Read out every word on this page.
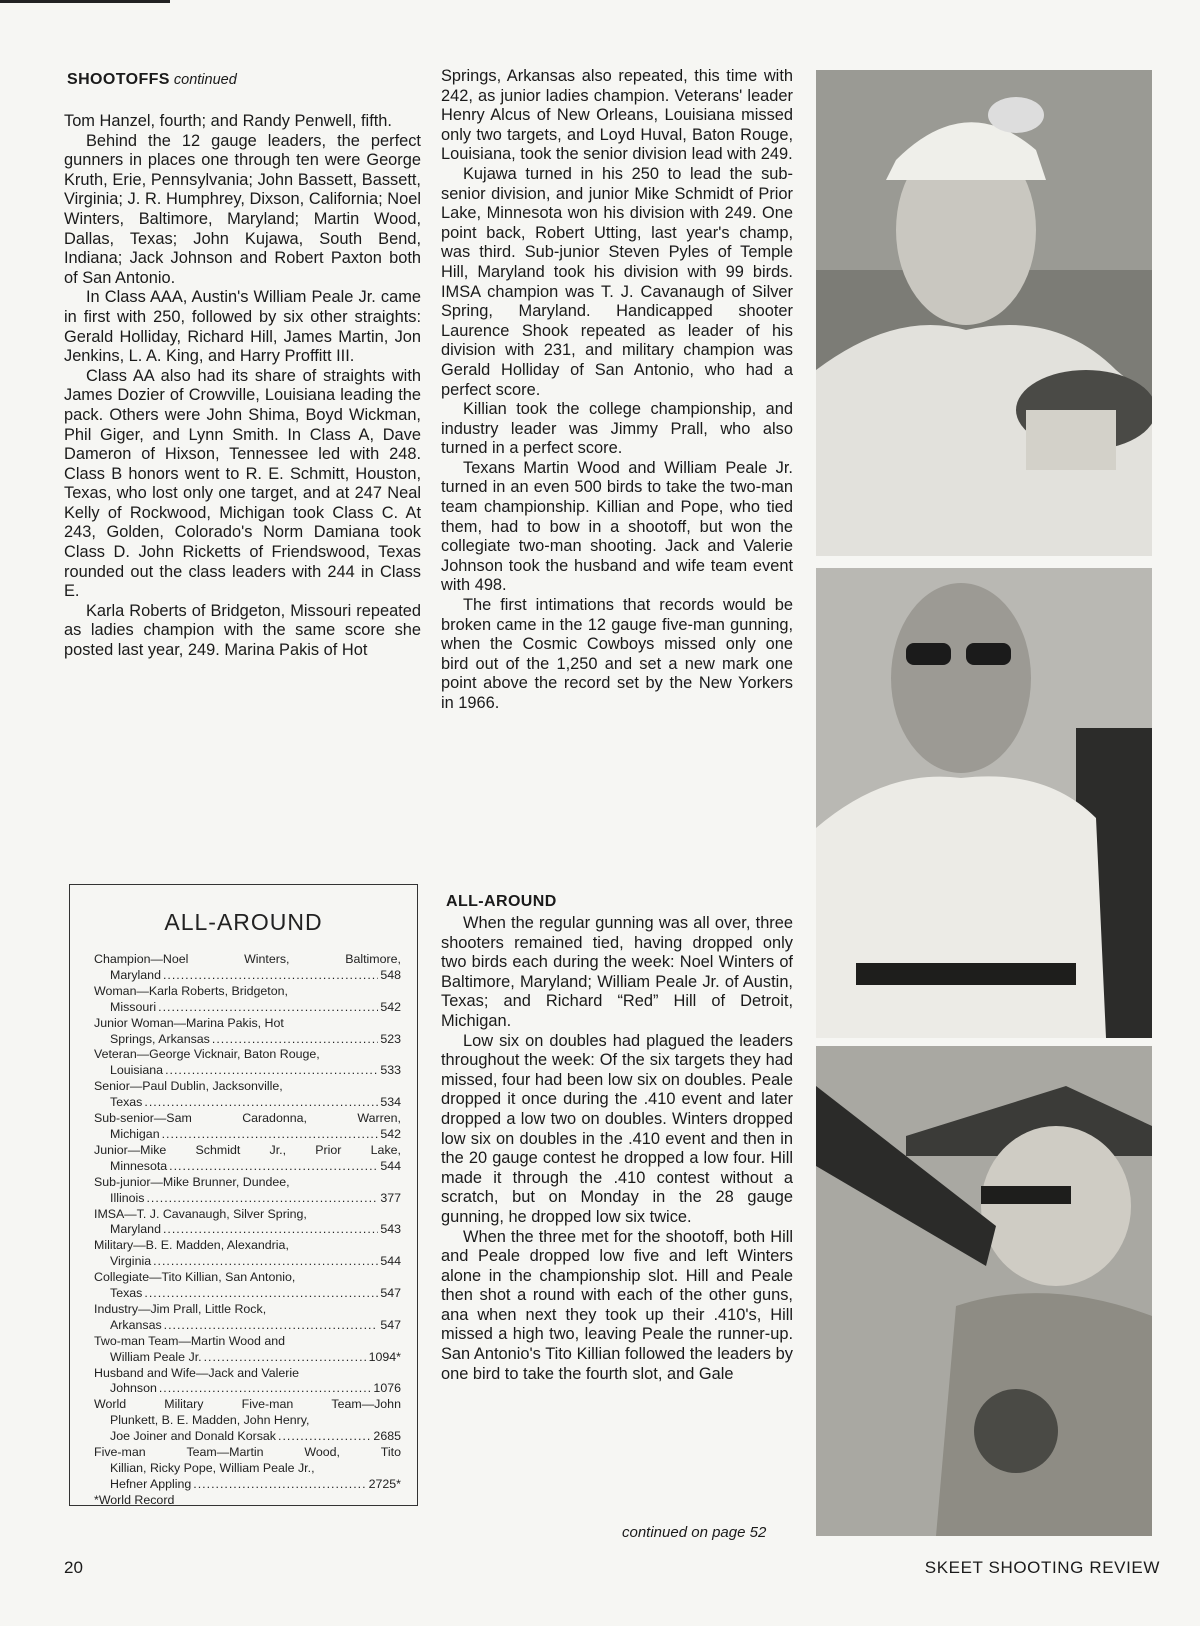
SHOOTOFFS continued

Tom Hanzel, fourth; and Randy Penwell, fifth.

Behind the 12 gauge leaders, the perfect gunners in places one through ten were George Kruth, Erie, Pennsylvania; John Bassett, Bassett, Virginia; J. R. Humphrey, Dixson, California; Noel Winters, Baltimore, Maryland; Martin Wood, Dallas, Texas; John Kujawa, South Bend, Indiana; Jack Johnson and Robert Paxton both of San Antonio.

In Class AAA, Austin's William Peale Jr. came in first with 250, followed by six other straights: Gerald Holliday, Richard Hill, James Martin, Jon Jenkins, L. A. King, and Harry Proffitt III.

Class AA also had its share of straights with James Dozier of Crowville, Louisiana leading the pack. Others were John Shima, Boyd Wickman, Phil Giger, and Lynn Smith. In Class A, Dave Dameron of Hixson, Tennessee led with 248. Class B honors went to R. E. Schmitt, Houston, Texas, who lost only one target, and at 247 Neal Kelly of Rockwood, Michigan took Class C. At 243, Golden, Colorado's Norm Damiana took Class D. John Ricketts of Friendswood, Texas rounded out the class leaders with 244 in Class E.

Karla Roberts of Bridgeton, Missouri repeated as ladies champion with the same score she posted last year, 249. Marina Pakis of Hot

Springs, Arkansas also repeated, this time with 242, as junior ladies champion. Veterans' leader Henry Alcus of New Orleans, Louisiana missed only two targets, and Loyd Huval, Baton Rouge, Louisiana, took the senior division lead with 249.

Kujawa turned in his 250 to lead the sub-senior division, and junior Mike Schmidt of Prior Lake, Minnesota won his division with 249. One point back, Robert Utting, last year's champ, was third. Sub-junior Steven Pyles of Temple Hill, Maryland took his division with 99 birds. IMSA champion was T. J. Cavanaugh of Silver Spring, Maryland. Handicapped shooter Laurence Shook repeated as leader of his division with 231, and military champion was Gerald Holliday of San Antonio, who had a perfect score.

Killian took the college championship, and industry leader was Jimmy Prall, who also turned in a perfect score.

Texans Martin Wood and William Peale Jr. turned in an even 500 birds to take the two-man team championship. Killian and Pope, who tied them, had to bow in a shootoff, but won the collegiate two-man shooting. Jack and Valerie Johnson took the husband and wife team event with 498.

The first intimations that records would be broken came in the 12 gauge five-man gunning, when the Cosmic Cowboys missed only one bird out of the 1,250 and set a new mark one point above the record set by the New Yorkers in 1966.

ALL-AROUND

When the regular gunning was all over, three shooters remained tied, having dropped only two birds each during the week: Noel Winters of Baltimore, Maryland; William Peale Jr. of Austin, Texas; and Richard “Red” Hill of Detroit, Michigan.

Low six on doubles had plagued the leaders throughout the week: Of the six targets they had missed, four had been low six on doubles. Peale dropped it once during the .410 event and later dropped a low two on doubles. Winters dropped low six on doubles in the .410 event and then in the 20 gauge contest he dropped a low four. Hill made it through the .410 contest without a scratch, but on Monday in the 28 gauge gunning, he dropped low six twice.

When the three met for the shootoff, both Hill and Peale dropped low five and left Winters alone in the championship slot. Hill and Peale then shot a round with each of the other guns, ana when next they took up their .410's, Hill missed a high two, leaving Peale the runner-up. San Antonio's Tito Killian followed the leaders by one bird to take the fourth slot, and Gale

continued on page 52
ALL-AROUND
Champion—Noel	Winters,	Baltimore,
Maryland .....	548
Woman—Karla Roberts, Bridgeton,
Missouri .....	542
Junior Woman—Marina Pakis, Hot
Springs, Arkansas .....	523
Veteran—George Vicknair, Baton Rouge,
Louisiana .....	533
Senior—Paul Dublin, Jacksonville,
Texas .....	534
Sub-senior—Sam	Caradonna,	Warren,
Michigan .....	542
Junior—Mike Schmidt Jr., Prior Lake,
Minnesota .....	544
Sub-junior—Mike Brunner, Dundee,
Illinois .....	377
IMSA—T. J. Cavanaugh, Silver Spring,
Maryland .....	543
Military—B. E. Madden, Alexandria,
Virginia .....	544
Collegiate—Tito Killian, San Antonio,
Texas .....	547
Industry—Jim Prall, Little Rock,
Arkansas .....	547
Two-man Team—Martin Wood and
William Peale Jr. .....	1094*
Husband and Wife—Jack and Valerie
Johnson .....	1076
World	Military	Five-man	Team—John
Plunkett, B. E. Madden, John Henry,
Joe Joiner and Donald Korsak .....	2685
Five-man	Team—Martin	Wood,	Tito
Killian, Ricky Pope, William Peale Jr.,
Hefner Appling .....	2725*
*World Record
20	SKEET SHOOTING REVIEW
